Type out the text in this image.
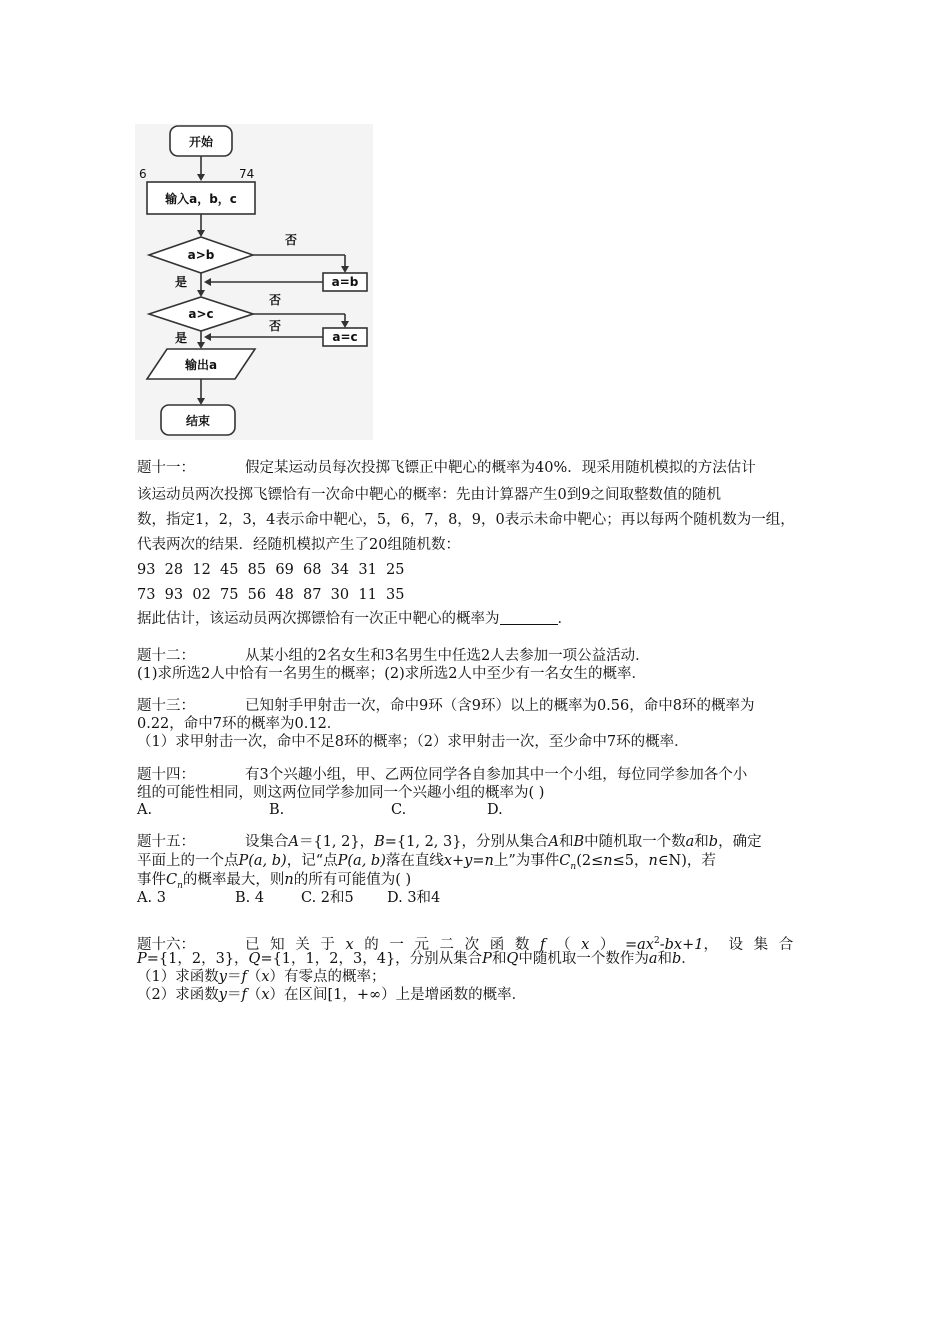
开始
6	74
输入a，b，c
a>b
否
a=b
是
a>c
否
否
a=c
是
输出a
结束
题十一：	假定某运动员每次投掷飞镖正中靶心的概率为40%．现采用随机模拟的方法估计
该运动员两次投掷飞镖恰有一次命中靶心的概率：先由计算器产生0到9之间取整数值的随机
数，指定1，2，3，4表示命中靶心，5，6，7，8，9，0表示未命中靶心；再以每两个随机数为一组，
代表两次的结果．经随机模拟产生了20组随机数：
93  28  12  45  85  69  68  34  31  25
73  93  02  75  56  48  87  30  11  35
据此估计，该运动员两次掷镖恰有一次正中靶心的概率为	．
题十二：	从某小组的2名女生和3名男生中任选2人去参加一项公益活动．
(1)求所选2人中恰有一名男生的概率；(2)求所选2人中至少有一名女生的概率．
题十三：	已知射手甲射击一次，命中9环（含9环）以上的概率为0.56，命中8环的概率为
0.22，命中7环的概率为0.12．
（1）求甲射击一次，命中不足8环的概率；（2）求甲射击一次，至少命中7环的概率．
题十四：	有3个兴趣小组，甲、乙两位同学各自参加其中一个小组，每位同学参加各个小
组的可能性相同，则这两位同学参加同一个兴趣小组的概率为( )
A.	B.	C.	D.
题十五：	设集合A＝{1, 2}，B={1, 2, 3}，分别从集合A和B中随机取一个数a和b，确定
平面上的一个点P(a, b)，记“点P(a, b)落在直线x+y=n上”为事件$C_n(2\le n\le 5$，n∈N)，若
事件$C_n$的概率最大，则n的所有可能值为( )
A. 3	B. 4	C. 2和5 D. 3和4
题十六：	已 知 关 于 x 的 一 元 二 次 函 数 f （ x ） $=ax^2-bx+1$， 设 集 合
P={1，2，3}，Q={1，1，2，3，4}，分别从集合P和Q中随机取一个数作为a和b．
（1）求函数y＝f（x）有零点的概率；
（2）求函数y＝f（x）在区间[1，+∞）上是增函数的概率．
